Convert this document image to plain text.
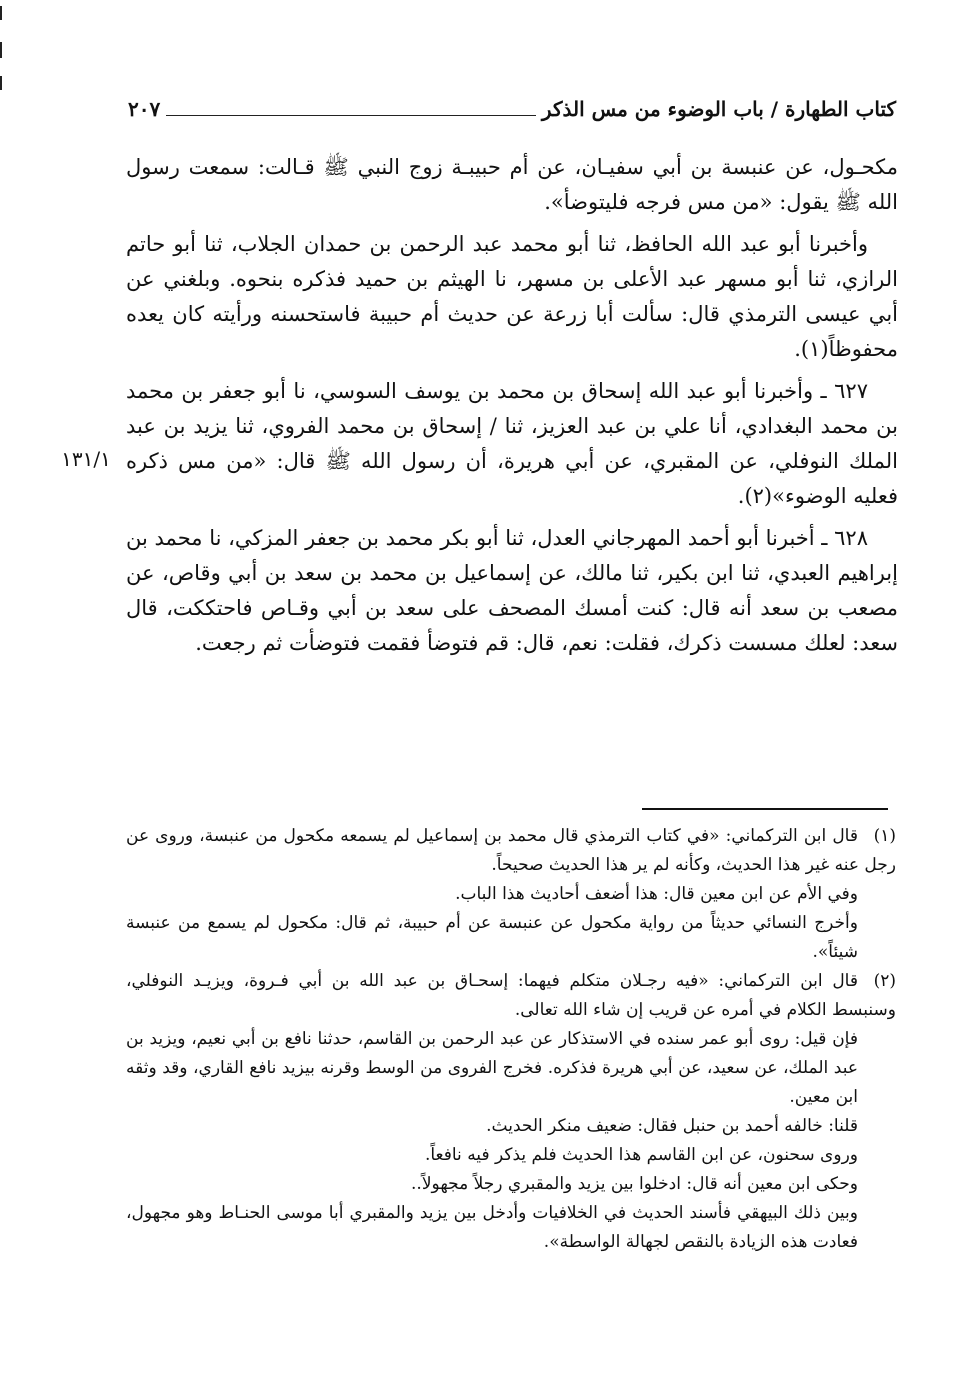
كتاب الطهارة / باب الوضوء من مس الذكر
٢٠٧
١٣١/١

مكحـول، عن عنبسة بن أبي سفيـان، عن أم حبيبـة زوج النبي ﷺ قـالت: سمعت رسول الله ﷺ يقول: «من مس فرجه فليتوضأ».

وأخبرنا أبو عبد الله الحافظ، ثنا أبو محمد عبد الرحمن بن حمدان الجلاب، ثنا أبو حاتم الرازي، ثنا أبو مسهر عبد الأعلى بن مسهر، نا الهيثم بن حميد فذكره بنحوه. وبلغني عن أبي عيسى الترمذي قال: سألت أبا زرعة عن حديث أم حبيبة فاستحسنه ورأيته كان يعده محفوظاً(١).

٦٢٧ ـ وأخبرنا أبو عبد الله إسحاق بن محمد بن يوسف السوسي، نا أبو جعفر بن محمد بن محمد البغدادي، أنا علي بن عبد العزيز، ثنا / إسحاق بن محمد الفروي، ثنا يزيد بن عبد الملك النوفلي، عن المقبري، عن أبي هريرة، أن رسول الله ﷺ قال: «من مس ذكره فعليه الوضوء»(٢).

٦٢٨ ـ أخبرنا أبو أحمد المهرجاني العدل، ثنا أبو بكر محمد بن جعفر المزكي، نا محمد بن إبراهيم العبدي، ثنا ابن بكير، ثنا مالك، عن إسماعيل بن محمد بن سعد بن أبي وقاص، عن مصعب بن سعد أنه قال: كنت أمسك المصحف على سعد بن أبي وقـاص فاحتككت، قال سعد: لعلك مسست ذكرك، فقلت: نعم، قال: قم فتوضأ فقمت فتوضأت ثم رجعت.

(١)قال ابن التركماني: «في كتاب الترمذي قال محمد بن إسماعيل لم يسمعه مكحول من عنبسة، وروى عن رجل عنه غير هذا الحديث، وكأنه لم ير هذا الحديث صحيحاً.

وفي الأم عن ابن معين قال: هذا أضعف أحاديث هذا الباب.

وأخرج النسائي حديثاً من رواية مكحول عن عنبسة عن أم حبيبة، ثم قال: مكحول لم يسمع من عنبسة شيئاً».

(٢)قال ابن التركماني: «فيه رجـلان متكلم فيهما: إسحـاق بن عبد الله بن أبي فـروة، ويزيـد النوفلي، وسنبسط الكلام في أمره عن قريب إن شاء الله تعالى.

فإن قيل: روى أبو عمر سنده في الاستذكار عن عبد الرحمن بن القاسم، حدثنا نافع بن أبي نعيم، ويزيد بن عبد الملك، عن سعيد، عن أبي هريرة فذكره. فخرج الفروى من الوسط وقرنه بيزيد نافع القاري، وقد وثقه ابن معين.

قلنا: خالفه أحمد بن حنبل فقال: ضعيف منكر الحديث.

وروى سحنون، عن ابن القاسم هذا الحديث فلم يذكر فيه نافعاً.

وحكى ابن معين أنه قال: ادخلوا بين يزيد والمقبري رجلاً مجهولاً..

وبين ذلك البيهقي فأسند الحديث في الخلافيات وأدخل بين يزيد والمقبري أبا موسى الحنـاط وهو مجهول، فعادت هذه الزيادة بالنقص لجهالة الواسطة».
